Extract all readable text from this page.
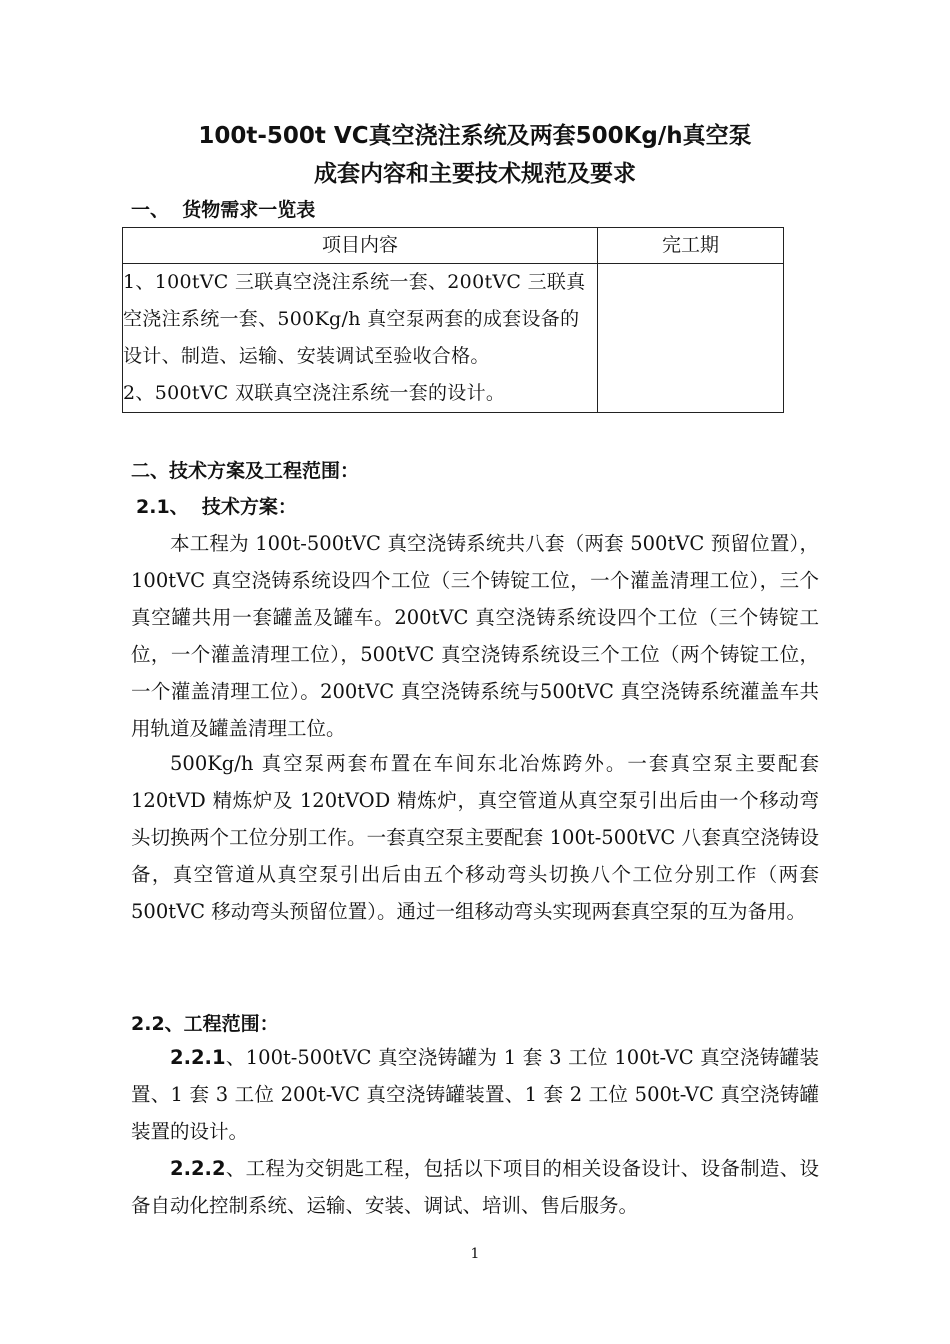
100t-500t VC真空浇注系统及两套500Kg/h真空泵
成套内容和主要技术规范及要求
一、  货物需求一览表
项目内容	完工期

1、100tVC 三联真空浇注系统一套、200tVC 三联真空浇注系统一套、500Kg/h 真空泵两套的成套设备的设计、制造、运输、安装调试至验收合格。
2、500tVC 双联真空浇注系统一套的设计。	

二、技术方案及工程范围：
2.1、  技术方案：
本工程为 100t-500tVC 真空浇铸系统共八套（两套 500tVC 预留位置），100tVC 真空浇铸系统设四个工位（三个铸锭工位，一个灌盖清理工位），三个真空罐共用一套罐盖及罐车。200tVC 真空浇铸系统设四个工位（三个铸锭工位，一个灌盖清理工位），500tVC 真空浇铸系统设三个工位（两个铸锭工位，一个灌盖清理工位）。200tVC 真空浇铸系统与500tVC 真空浇铸系统灌盖车共用轨道及罐盖清理工位。
500Kg/h 真空泵两套布置在车间东北冶炼跨外。一套真空泵主要配套 120tVD 精炼炉及 120tVOD 精炼炉，真空管道从真空泵引出后由一个移动弯头切换两个工位分别工作。一套真空泵主要配套 100t-500tVC 八套真空浇铸设备，真空管道从真空泵引出后由五个移动弯头切换八个工位分别工作（两套 500tVC 移动弯头预留位置）。通过一组移动弯头实现两套真空泵的互为备用。
2.2、工程范围：
2.2.1、100t-500tVC 真空浇铸罐为 1 套 3 工位 100t-VC 真空浇铸罐装置、1 套 3 工位 200t-VC 真空浇铸罐装置、1 套 2 工位 500t-VC 真空浇铸罐装置的设计。
2.2.2、工程为交钥匙工程，包括以下项目的相关设备设计、设备制造、设备自动化控制系统、运输、安装、调试、培训、售后服务。
1
